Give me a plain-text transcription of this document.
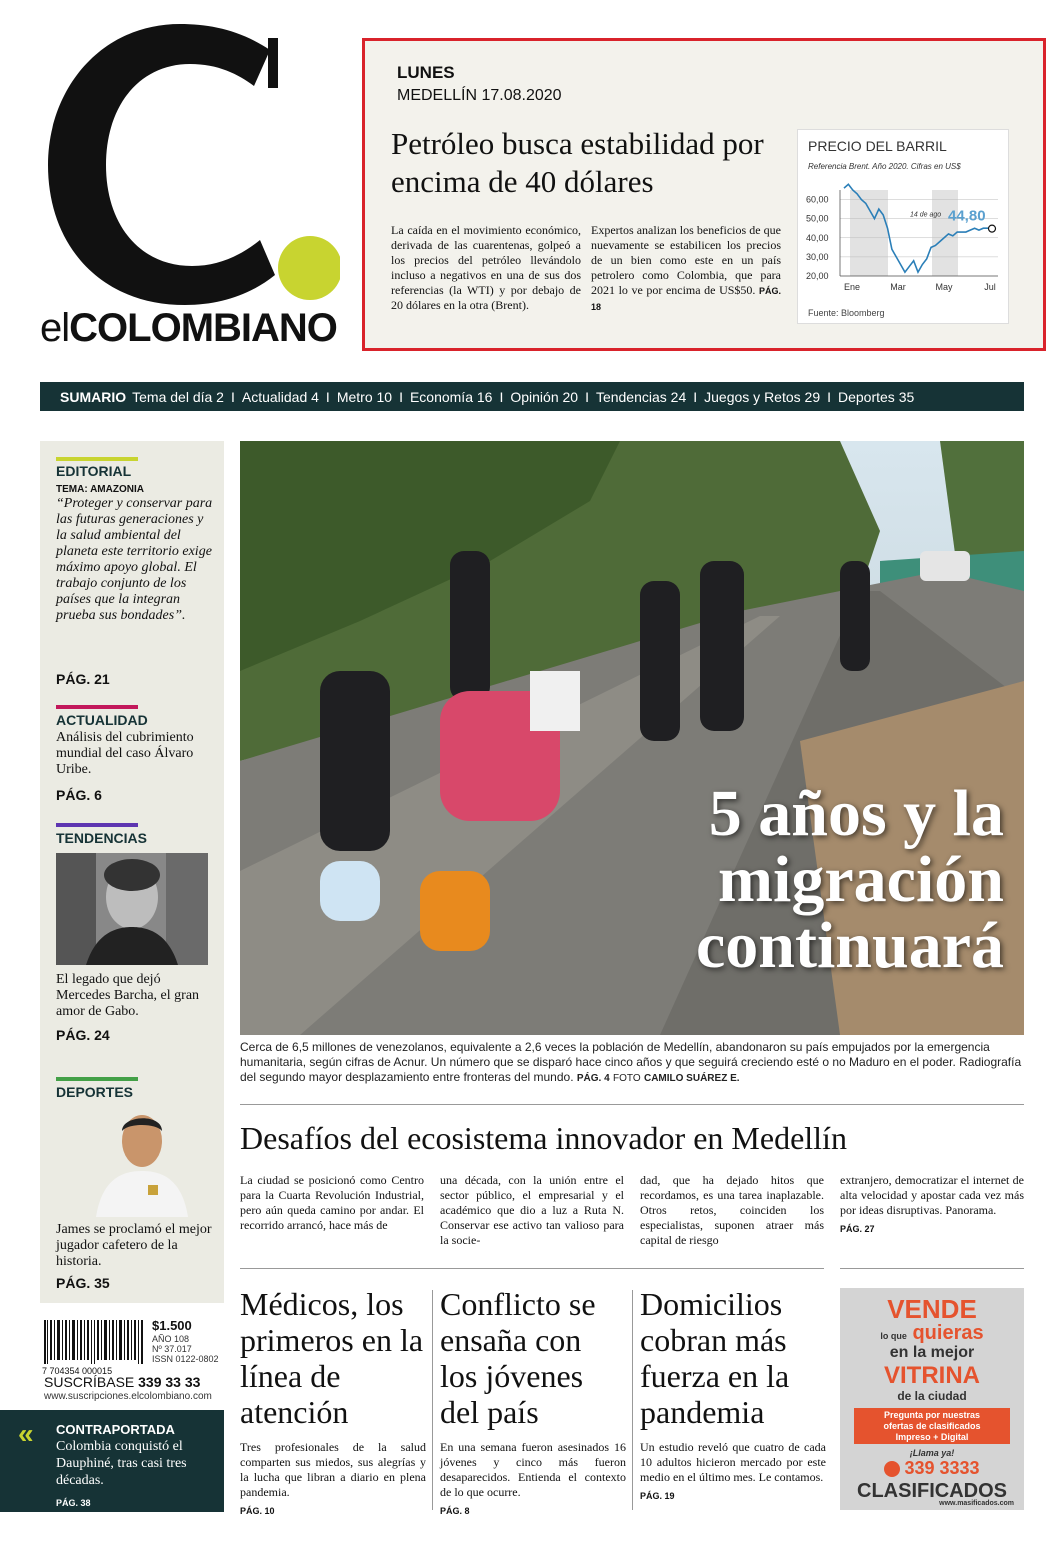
elCOLOMBIANO
LUNES
MEDELLÍN 17.08.2020
Petróleo busca estabilidad por encima de 40 dólares
La caída en el movimiento económico, derivada de las cuarentenas, golpeó a los precios del petróleo llevándolo incluso a negativos en una de sus dos referencias (la WTI) y por debajo de 20 dólares en la otra (Brent).
Expertos analizan los beneficios de que nuevamente se estabilicen los precios de un bien como este en un país petrolero como Colombia, que para 2021 lo ve por encima de US$50. PÁG. 18
PRECIO DEL BARRIL
Referencia Brent. Año 2020. Cifras en US$
60,00
50,00
40,00
30,00
20,00
Ene	Mar	May	Jul
14 de ago 44,80
Fuente: Bloomberg
SUMARIO Tema del día 2 I Actualidad 4 I Metro 10 I Economía 16 I Opinión 20 I Tendencias 24 I Juegos y Retos 29 I Deportes 35
EDITORIAL
TEMA: AMAZONIA
“Proteger y conservar para las futuras generaciones y la salud ambiental del planeta este territorio exige máximo apoyo global. El trabajo conjunto de los países que la integran prueba sus bondades”.
PÁG. 21
ACTUALIDAD
Análisis del cubrimiento mundial del caso Álvaro Uribe.
PÁG. 6
TENDENCIAS
El legado que dejó Mercedes Barcha, el gran amor de Gabo.
PÁG. 24
DEPORTES
James se proclamó el mejor jugador cafetero de la historia.
PÁG. 35
7 704354 000015
$1.500
AÑO 108
Nº 37.017
ISSN 0122-0802
SUSCRÍBASE 339 33 33
www.suscripciones.elcolombiano.com
« CONTRAPORTADA
Colombia conquistó el Dauphiné, tras casi tres décadas.
PÁG. 38
5 años y la
migración
continuará
Cerca de 6,5 millones de venezolanos, equivalente a 2,6 veces la población de Medellín, abandonaron su país empujados por la emergencia humanitaria, según cifras de Acnur. Un número que se disparó hace cinco años y que seguirá creciendo esté o no Maduro en el poder. Radiografía del segundo mayor desplazamiento entre fronteras del mundo. PÁG. 4 FOTO CAMILO SUÁREZ E.
Desafíos del ecosistema innovador en Medellín
La ciudad se posicionó como Centro para la Cuarta Revolución Industrial, pero aún queda camino por andar. El recorrido arrancó, hace más de
una década, con la unión entre el sector público, el empresarial y el académico que dio a luz a Ruta N. Conservar ese activo tan valioso para la socie-
dad, que ha dejado hitos que recordamos, es una tarea inaplazable. Otros retos, coinciden los especialistas, suponen atraer más capital de riesgo
extranjero, democratizar el internet de alta velocidad y apostar cada vez más por ideas disruptivas. Panorama.
PÁG. 27
Médicos, los primeros en la línea de atención
Tres profesionales de la salud comparten sus miedos, sus alegrías y la lucha que libran a diario en plena pandemia.
PÁG. 10
Conflicto se ensaña con los jóvenes del país
En una semana fueron asesinados 16 jóvenes y cinco más fueron desaparecidos. Entienda el contexto de lo que ocurre.
PÁG. 8
Domicilios cobran más fuerza en la pandemia
Un estudio reveló que cuatro de cada 10 adultos hicieron mercado por este medio en el último mes. Le contamos.
PÁG. 19
VENDE
lo que quieras
en la mejor
VITRINA
de la ciudad
Pregunta por nuestras
ofertas de clasificados
Impreso + Digital
¡Llama ya!
339 3333
CLASIFICADOS
www.masificados.com
